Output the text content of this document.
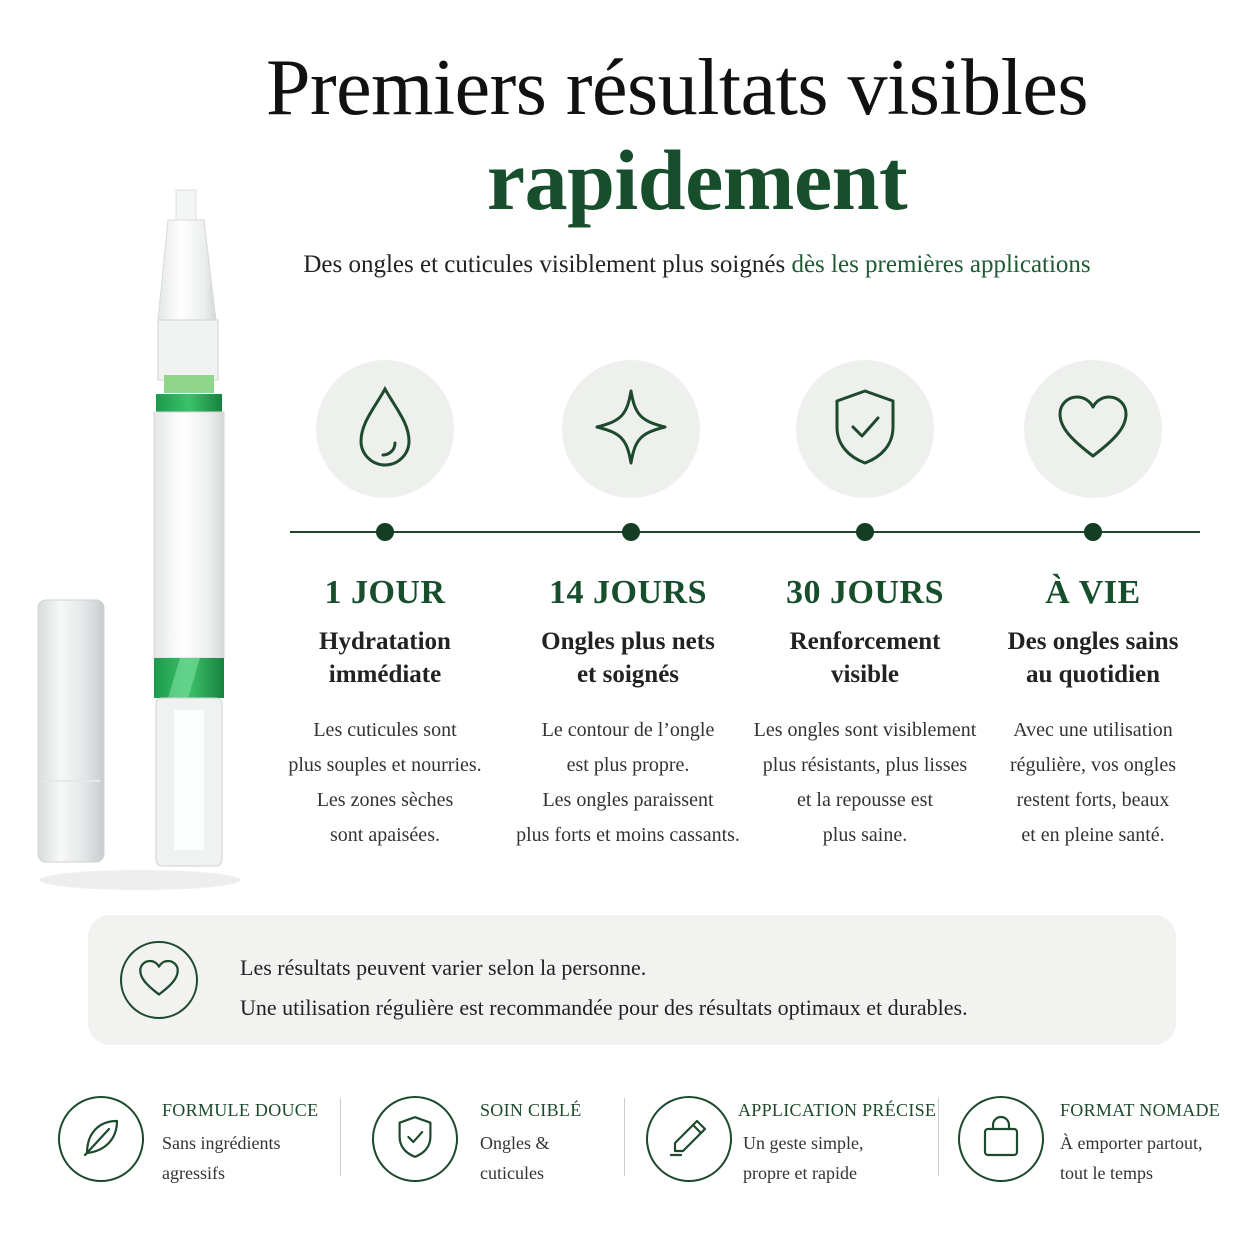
Premiers résultats visibles
rapidement
Des ongles et cuticules visiblement plus soignés dès les premières applications
1 JOUR
Hydratation
immédiate
Les cuticules sont
plus souples et nourries.
Les zones sèches
sont apaisées.
14 JOURS
Ongles plus nets
et soignés
Le contour de l’ongle
est plus propre.
Les ongles paraissent
plus forts et moins cassants.
30 JOURS
Renforcement
visible
Les ongles sont visiblement
plus résistants, plus lisses
et la repousse est
plus saine.
À VIE
Des ongles sains
au quotidien
Avec une utilisation
régulière, vos ongles
restent forts, beaux
et en pleine santé.
Les résultats peuvent varier selon la personne.
Une utilisation régulière est recommandée pour des résultats optimaux et durables.
FORMULE DOUCE
Sans ingrédients
agressifs
SOIN CIBLÉ
Ongles &
cuticules
APPLICATION PRÉCISE
Un geste simple,
propre et rapide
FORMAT NOMADE
À emporter partout,
tout le temps
